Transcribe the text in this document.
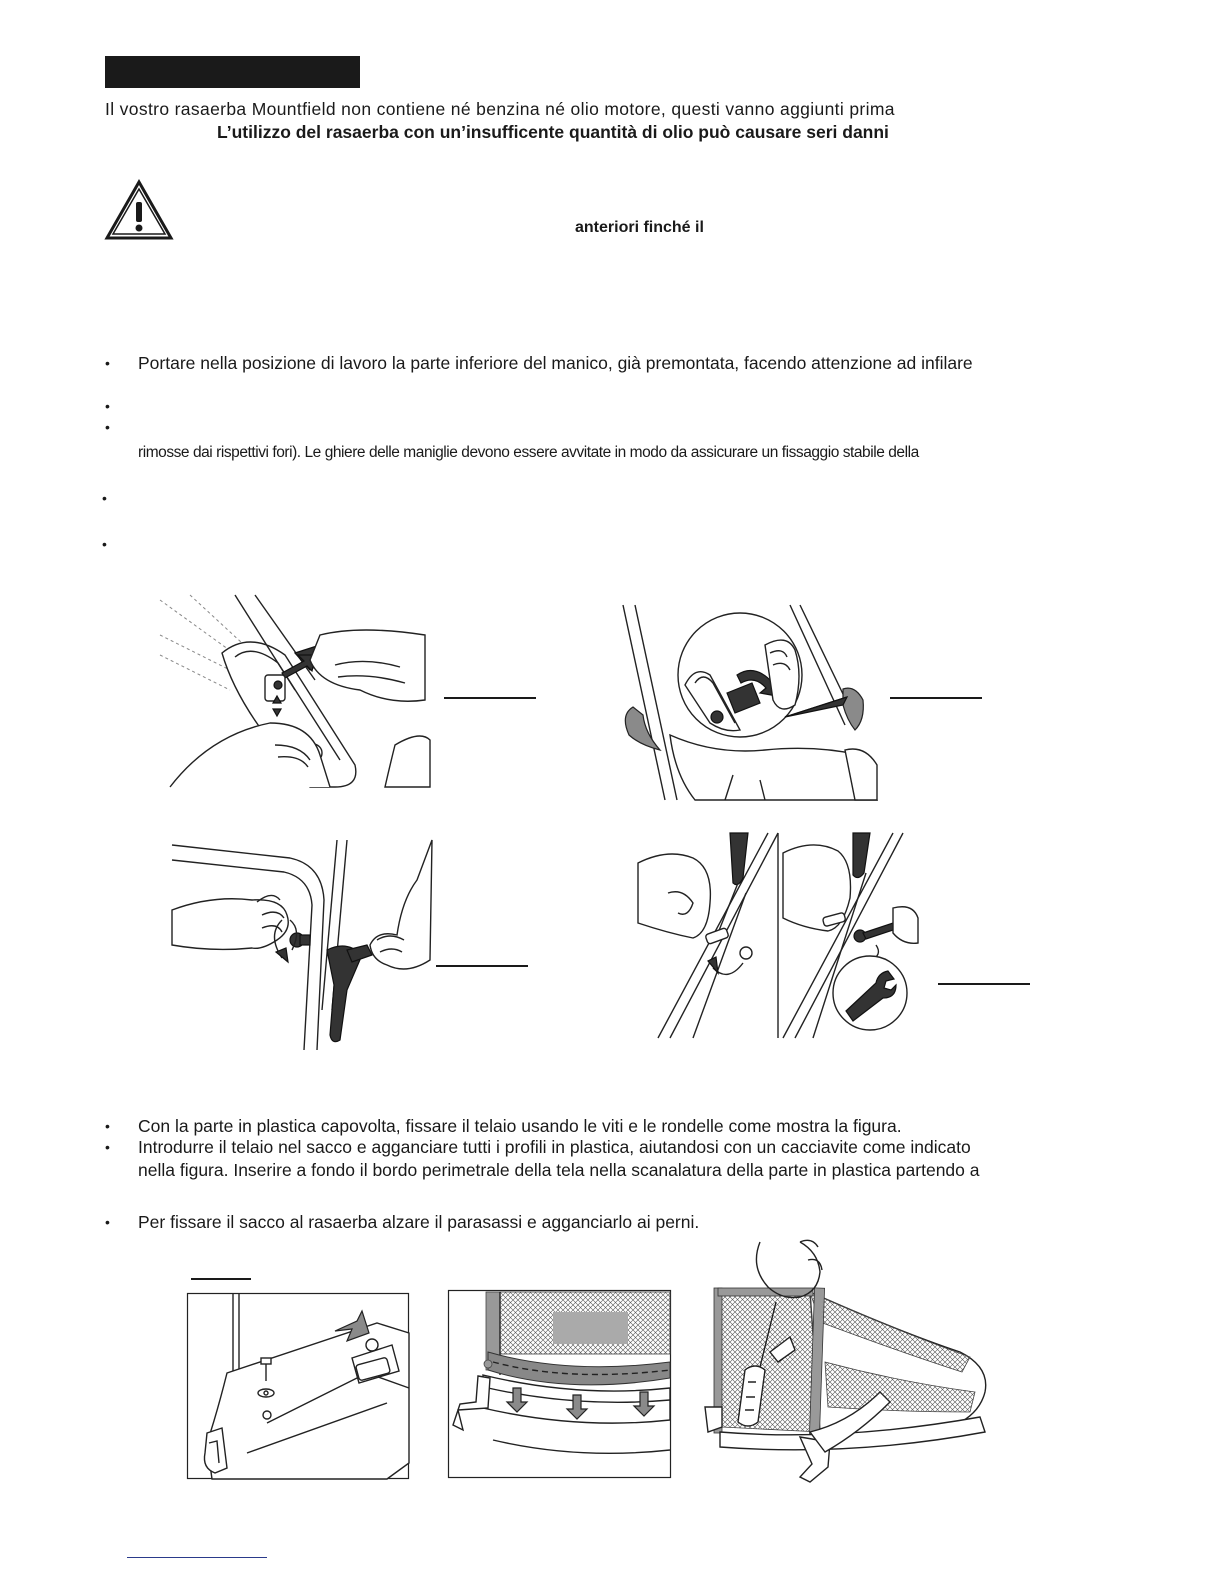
Il vostro rasaerba Mountfield non contiene né benzina né olio motore, questi vanno aggiunti prima
L’utilizzo del rasaerba con un’insufficente quantità di olio può causare seri danni
anteriori finché il
• Portare nella posizione di lavoro la parte inferiore del manico, già premontata, facendo attenzione ad infilare
•
•
rimosse dai rispettivi fori). Le ghiere delle maniglie devono essere avvitate in modo da assicurare un fissaggio stabile della
•
•
• Con la parte in plastica capovolta, fissare il telaio usando le viti e le rondelle come mostra la figura.
• Introdurre il telaio nel sacco e agganciare tutti i profili in plastica, aiutandosi con un cacciavite come indicato
nella figura. Inserire a fondo il bordo perimetrale della tela nella scanalatura della parte in plastica partendo a
• Per fissare il sacco al rasaerba alzare il parasassi e agganciarlo ai perni.
